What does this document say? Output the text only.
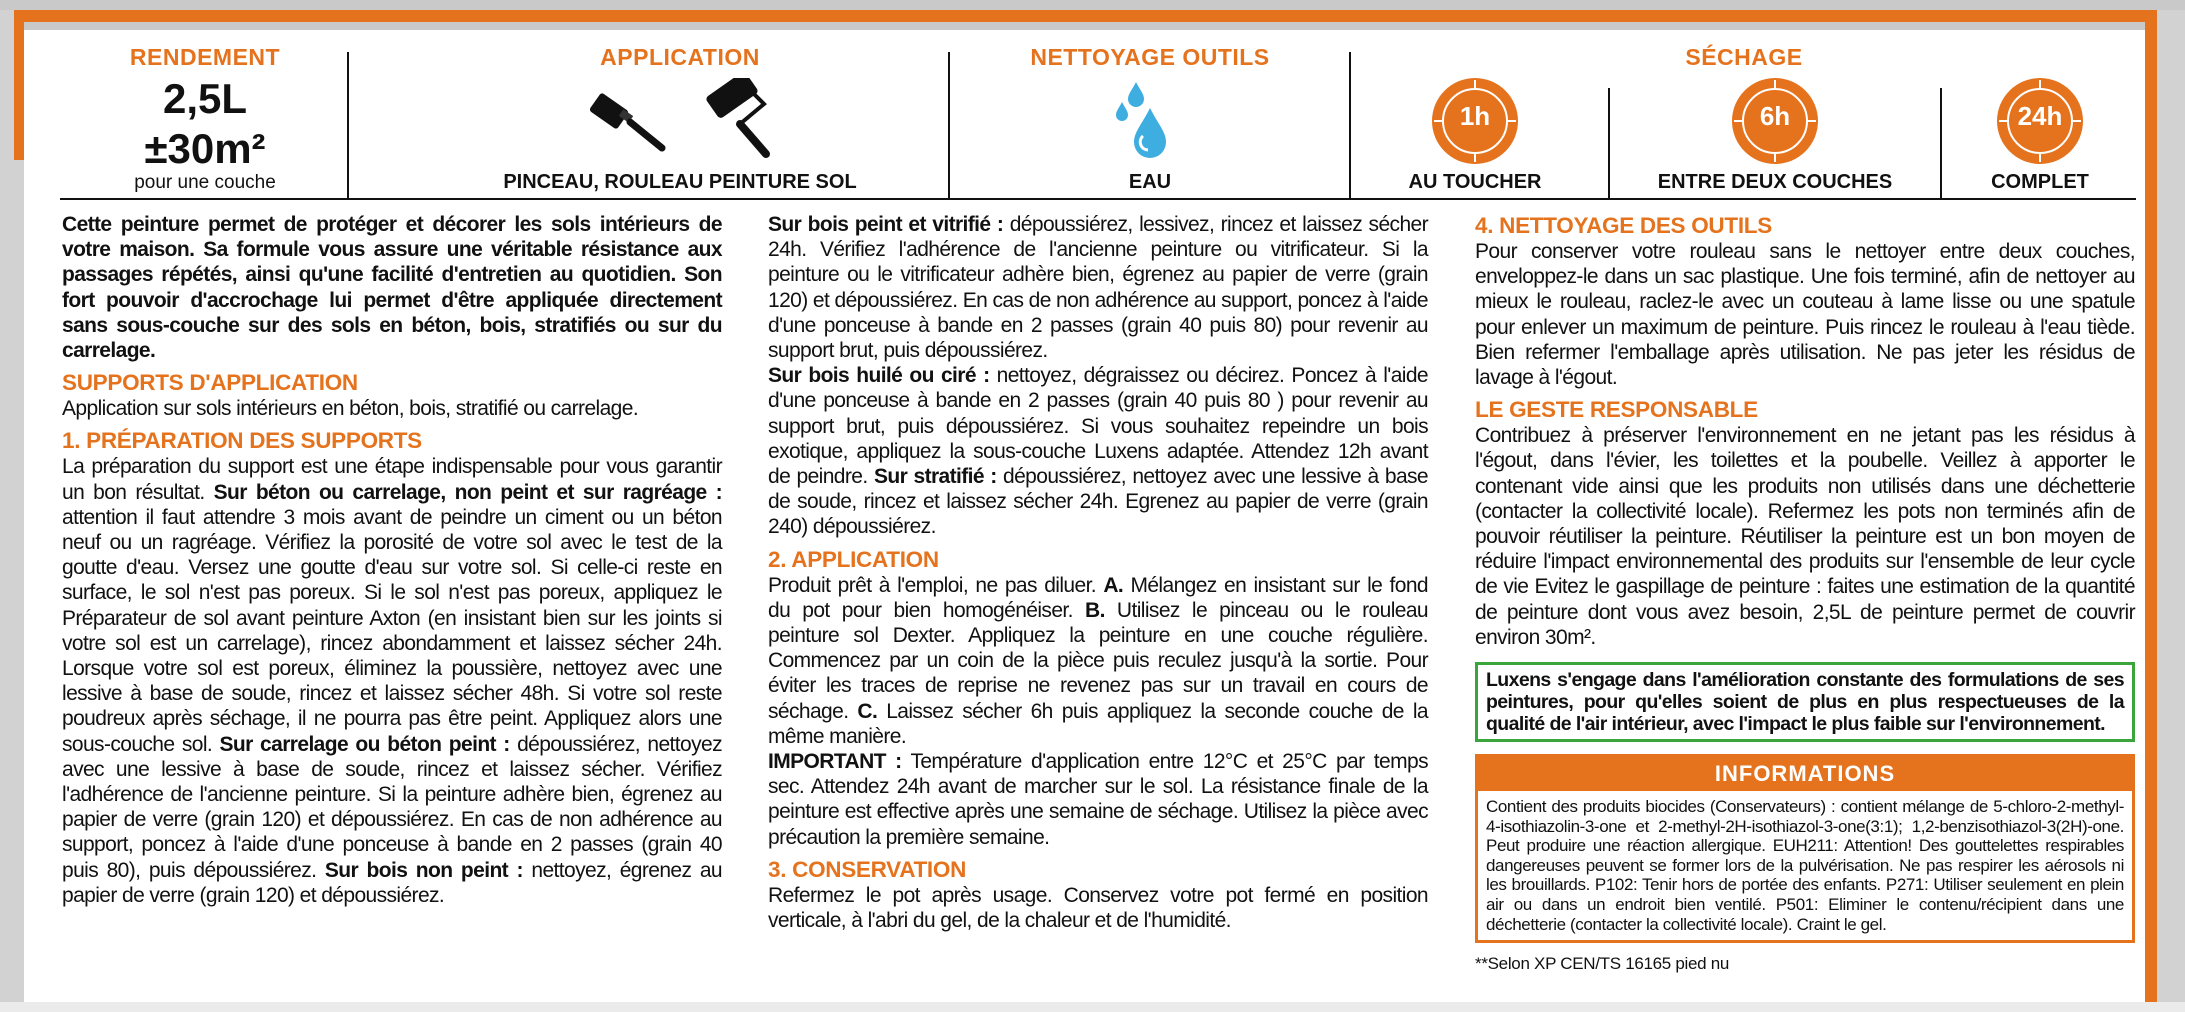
RENDEMENT
2,5L
±30m²
pour une couche
APPLICATION
PINCEAU, ROULEAU PEINTURE SOL
NETTOYAGE OUTILS
EAU
SÉCHAGE
1h
AU TOUCHER
6h
ENTRE DEUX COUCHES
24h
COMPLET

Cette peinture permet de protéger et décorer les sols intérieurs de votre maison. Sa formule vous assure une véritable résistance aux passages répétés, ainsi qu'une facilité d'entretien au quotidien. Son fort pouvoir d'accrochage lui permet d'être appliquée directement sans sous-couche sur des sols en béton, bois, stratifiés ou sur du carrelage.

SUPPORTS D'APPLICATION

Application sur sols intérieurs en béton, bois, stratifié ou carrelage.

1. PRÉPARATION DES SUPPORTS

La préparation du support est une étape indispensable pour vous garantir un bon résultat. Sur béton ou carrelage, non peint et sur ragréage : attention il faut attendre 3 mois avant de peindre un ciment ou un béton neuf ou un ragréage. Vérifiez la porosité de votre sol avec le test de la goutte d'eau. Versez une goutte d'eau sur votre sol. Si celle-ci reste en surface, le sol n'est pas poreux. Si le sol n'est pas poreux, appliquez le Préparateur de sol avant peinture Axton (en insistant bien sur les joints si votre sol est un carrelage), rincez abondamment et laissez sécher 24h. Lorsque votre sol est poreux, éliminez la poussière, nettoyez avec une lessive à base de soude, rincez et laissez sécher 48h. Si votre sol reste poudreux après séchage, il ne pourra pas être peint. Appliquez alors une sous-couche sol. Sur carrelage ou béton peint : dépoussiérez, nettoyez avec une lessive à base de soude, rincez et laissez sécher. Vérifiez l'adhérence de l'ancienne peinture. Si la peinture adhère bien, égrenez au papier de verre (grain 120) et dépoussiérez. En cas de non adhérence au support, poncez à l'aide d'une ponceuse à bande en 2 passes (grain 40 puis 80), puis dépoussiérez. Sur bois non peint : nettoyez, égrenez au papier de verre (grain 120) et dépoussiérez.

Sur bois peint et vitrifié : dépoussiérez, lessivez, rincez et laissez sécher 24h. Vérifiez l'adhérence de l'ancienne peinture ou vitrificateur. Si la peinture ou le vitrificateur adhère bien, égrenez au papier de verre (grain 120) et dépoussiérez. En cas de non adhérence au support, poncez à l'aide d'une ponceuse à bande en 2 passes (grain 40 puis 80) pour revenir au support brut, puis dépoussiérez.

Sur bois huilé ou ciré : nettoyez, dégraissez ou décirez. Poncez à l'aide d'une ponceuse à bande en 2 passes (grain 40 puis 80 ) pour revenir au support brut, puis dépoussiérez. Si vous souhaitez repeindre un bois exotique, appliquez la sous-couche Luxens adaptée. Attendez 12h avant de peindre. Sur stratifié : dépoussiérez, nettoyez avec une lessive à base de soude, rincez et laissez sécher 24h. Egrenez au papier de verre (grain 240) dépoussiérez.

2. APPLICATION

Produit prêt à l'emploi, ne pas diluer. A. Mélangez en insistant sur le fond du pot pour bien homogénéiser. B. Utilisez le pinceau ou le rouleau peinture sol Dexter. Appliquez la peinture en une couche régulière. Commencez par un coin de la pièce puis reculez jusqu'à la sortie. Pour éviter les traces de reprise ne revenez pas sur un travail en cours de séchage. C. Laissez sécher 6h puis appliquez la seconde couche de la même manière.

IMPORTANT : Température d'application entre 12°C et 25°C par temps sec. Attendez 24h avant de marcher sur le sol. La résistance finale de la peinture est effective après une semaine de séchage. Utilisez la pièce avec précaution la première semaine.

3. CONSERVATION

Refermez le pot après usage. Conservez votre pot fermé en position verticale, à l'abri du gel, de la chaleur et de l'humidité.

4. NETTOYAGE DES OUTILS

Pour conserver votre rouleau sans le nettoyer entre deux couches, enveloppez-le dans un sac plastique. Une fois terminé, afin de nettoyer au mieux le rouleau, raclez-le avec un couteau à lame lisse ou une spatule pour enlever un maximum de peinture. Puis rincez le rouleau à l'eau tiède. Bien refermer l'emballage après utilisation. Ne pas jeter les résidus de lavage à l'égout.

LE GESTE RESPONSABLE

Contribuez à préserver l'environnement en ne jetant pas les résidus à l'égout, dans l'évier, les toilettes et la poubelle. Veillez à apporter le contenant vide ainsi que les produits non utilisés dans une déchetterie (contacter la collectivité locale). Refermez les pots non terminés afin de pouvoir réutiliser la peinture. Réutiliser la peinture est un bon moyen de réduire l'impact environnemental des produits sur l'ensemble de leur cycle de vie Evitez le gaspillage de peinture : faites une estimation de la quantité de peinture dont vous avez besoin, 2,5L de peinture permet de couvrir environ 30m².

Luxens s'engage dans l'amélioration constante des formulations de ses peintures, pour qu'elles soient de plus en plus respectueuses de la qualité de l'air intérieur, avec l'impact le plus faible sur l'environnement.
INFORMATIONS
Contient des produits biocides (Conservateurs) : contient mélange de 5-chloro-2-methyl-4-isothiazolin-3-one et 2-methyl-2H-isothiazol-3-one(3:1); 1,2-benzisothiazol-3(2H)-one. Peut produire une réaction allergique. EUH211: Attention! Des gouttelettes respirables dangereuses peuvent se former lors de la pulvérisation. Ne pas respirer les aérosols ni les brouillards. P102: Tenir hors de portée des enfants. P271: Utiliser seulement en plein air ou dans un endroit bien ventilé. P501: Eliminer le contenu/récipient dans une déchetterie (contacter la collectivité locale). Craint le gel.
**Selon XP CEN/TS 16165 pied nu
